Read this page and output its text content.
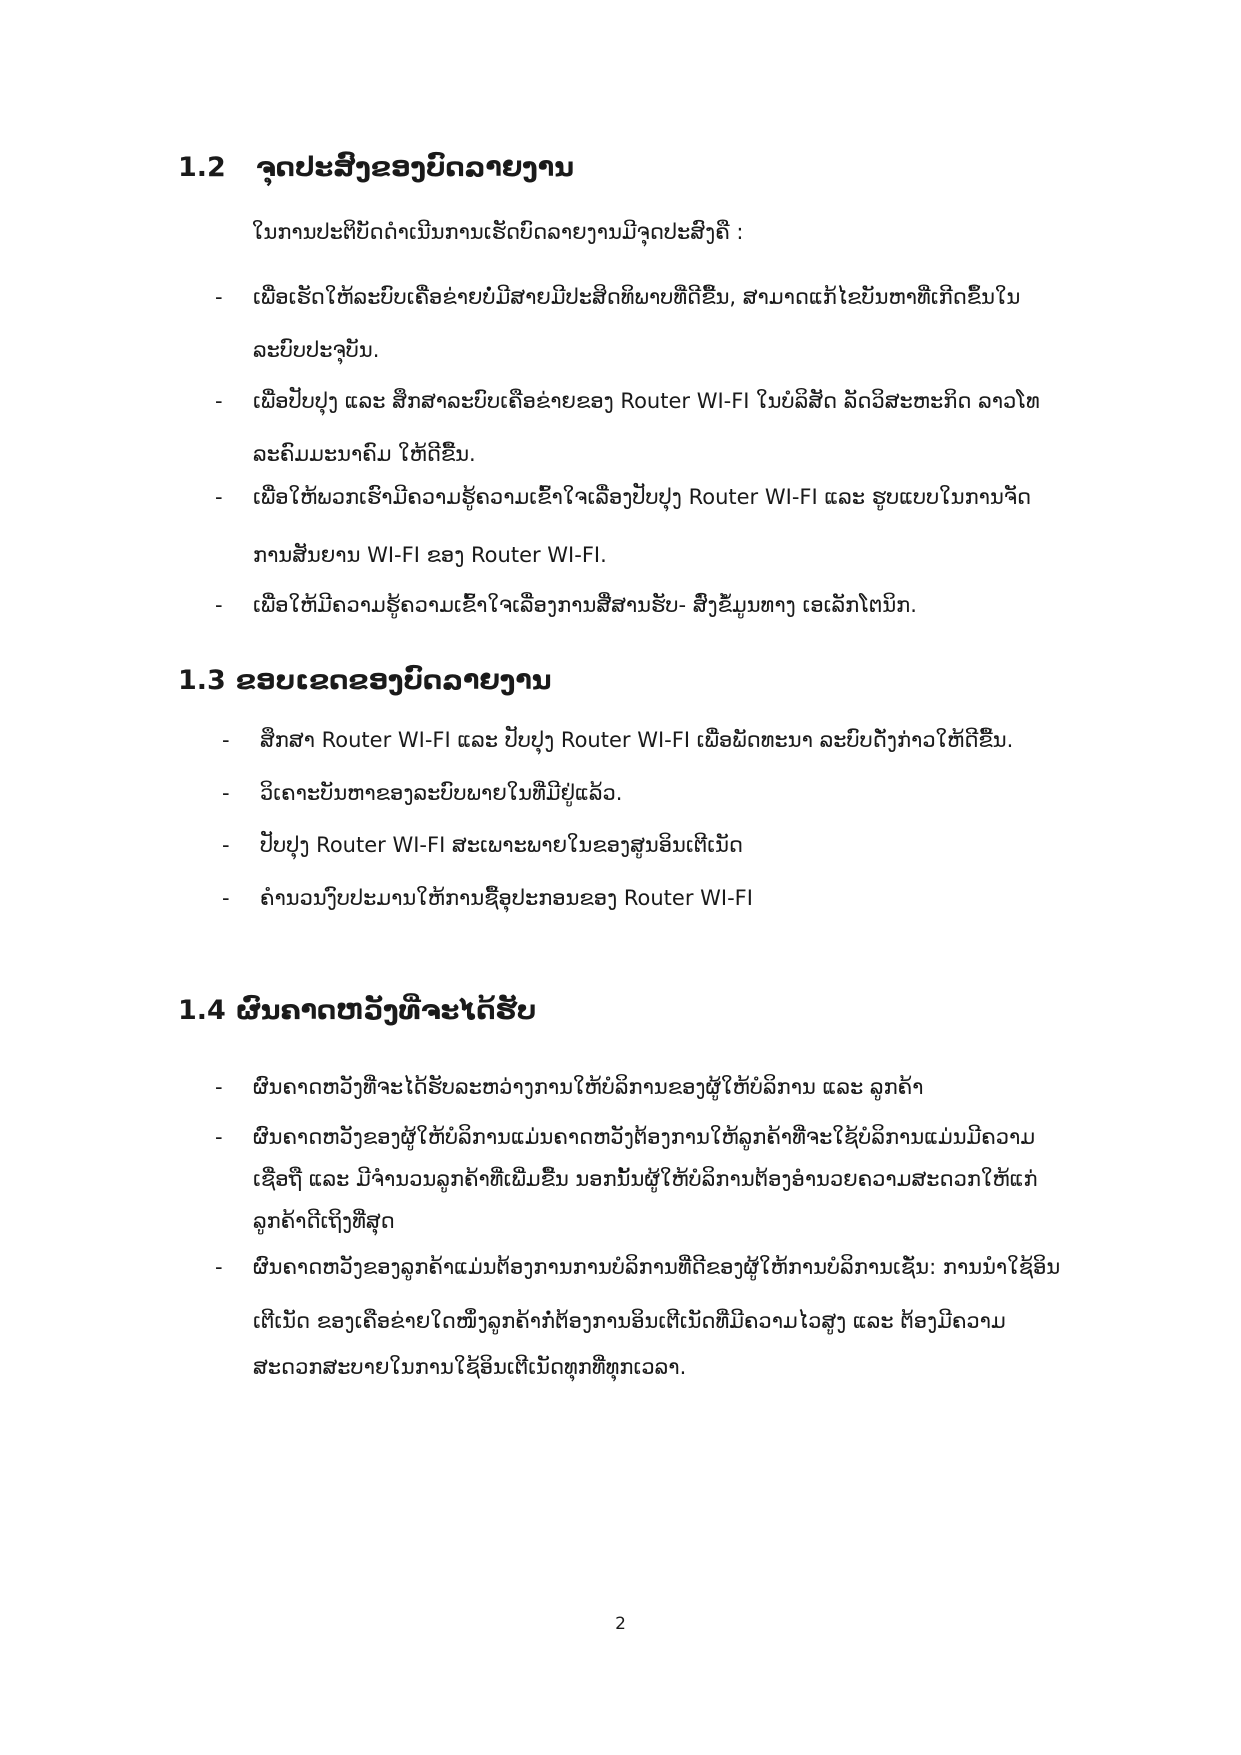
1.2 ຈຸດປະສົງຂອງບົດລາຍງານ
ໃນການປະຕິບັດດຳເນີນການເຮັດບົດລາຍງານມີຈຸດປະສົງຄື :
- ເພື່ອເຮັດໃຫ້ລະບົບເຄື່ອຂ່າຍບໍ່ມີສາຍມີປະສິດທິພາບທີ່ດີຂື້ນ, ສາມາດແກ້ໄຂບັນຫາທີ່ເກີດຂຶ້ນໃນ
ລະບົບປະຈຸບັນ.
- ເພື່ອປັບປຸງ ແລະ ສຶກສາລະບົບເຄືອຂ່າຍຂອງ Router WI-FI ໃນບໍລິສັດ ລັດວິສະຫະກິດ ລາວໂທ
ລະຄົມມະນາຄົມ ໃຫ້ດີຂື້ນ.
- ເພື່ອໃຫ້ພວກເຮົາມີຄວາມຮູ້ຄວາມເຂົ້າໃຈເລື່ອງປັບປຸງ Router WI-FI ແລະ ຮູບແບບໃນການຈັດ
ການສັນຍານ WI-FI ຂອງ Router WI-FI.
- ເພື່ອໃຫ້ມີຄວາມຮູ້ຄວາມເຂົ້າໃຈເລື່ອງການສື່ສານຮັບ- ສົ່ງຂໍ້ມູນທາງ ເອເລັກໂຕນິກ.
1.3 ຂອບເຂດຂອງບົດລາຍງານ
- ສຶກສາ Router WI-FI ແລະ ປັບປຸງ Router WI-FI ເພື່ອພັດທະນາ ລະບົບດັ່ງກ່າວໃຫ້ດີຂື້ນ.
- ວິເຄາະບັນຫາຂອງລະບົບພາຍໃນທີ່ມີຢູ່ແລ້ວ.
- ປັບປຸງ Router WI-FI ສະເພາະພາຍໃນຂອງສູນອິນເຕີເນັດ
- ຄຳນວນງົບປະມານໃຫ້ການຊື້ອຸປະກອນຂອງ Router WI-FI
1.4 ຜົນຄາດຫວັງທີ່ຈະໄດ້ຮັບ
- ຜົນຄາດຫວັງທີ່ຈະໄດ້ຮັບລະຫວ່າງການໃຫ້ບໍລິການຂອງຜູ້ໃຫ້ບໍລິການ ແລະ ລູກຄ້າ
- ຜົນຄາດຫວັງຂອງຜູ້ໃຫ້ບໍລິການແມ່ນຄາດຫວັງຕ້ອງການໃຫ້ລູກຄ້າທີ່ຈະໃຊ້ບໍລິການແມ່ນມີຄວາມ
ເຊື່ອຖື ແລະ ມີຈຳນວນລູກຄ້າທີ່ເພີ່ມຂື້ນ ນອກນັ້ນຜູ້ໃຫ້ບໍລິການຕ້ອງອຳນວຍຄວາມສະດວກໃຫ້ແກ່
ລູກຄ້າດີເຖິງທີ່ສຸດ
- ຜົນຄາດຫວັງຂອງລູກຄ້າແມ່ນຕ້ອງການການບໍລິການທີ່ດີຂອງຜູ້ໃຫ້ການບໍລິການເຊັ່ນ: ການນຳໃຊ້ອິນ
ເຕີເນັດ ຂອງເຄືອຂ່າຍໃດໜຶ່ງລູກຄ້າກໍ່ຕ້ອງການອິນເຕີເນັດທີ່ມີຄວາມໄວສູງ ແລະ ຕ້ອງມີຄວາມ
ສະດວກສະບາຍໃນການໃຊ້ອິນເຕີເນັດທຸກທີ່ທຸກເວລາ.
2
